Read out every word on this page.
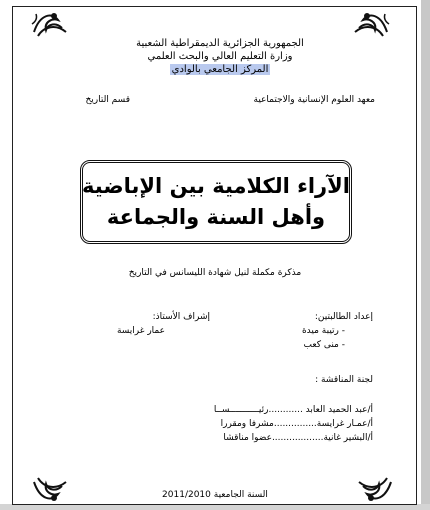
الجمهورية الجزائرية الديمقراطية الشعبية
وزارة التعليم العالي والبحث العلمي
المركز الجامعي بالوادي
معهد العلوم الإنسانية والاجتماعية
قسم التاريخ
الآراء الكلامية بين الإباضية
وأهل السنة والجماعة
مذكرة مكملة لنيل شهادة الليسانس في التاريخ
إعداد الطالبتين:
- رتيبة ميدة
- منى كعب
إشراف الأستاذ:
عمار غرايسة
لجنة المناقشة :
أ/عبد الحميد العابد ............رئيـــــــــــســا
أ/عمـار غرايسة...............مشرفا ومقررا
أ/البشير غانية..................عضوا مناقشا
السنة الجامعية 2011/2010
